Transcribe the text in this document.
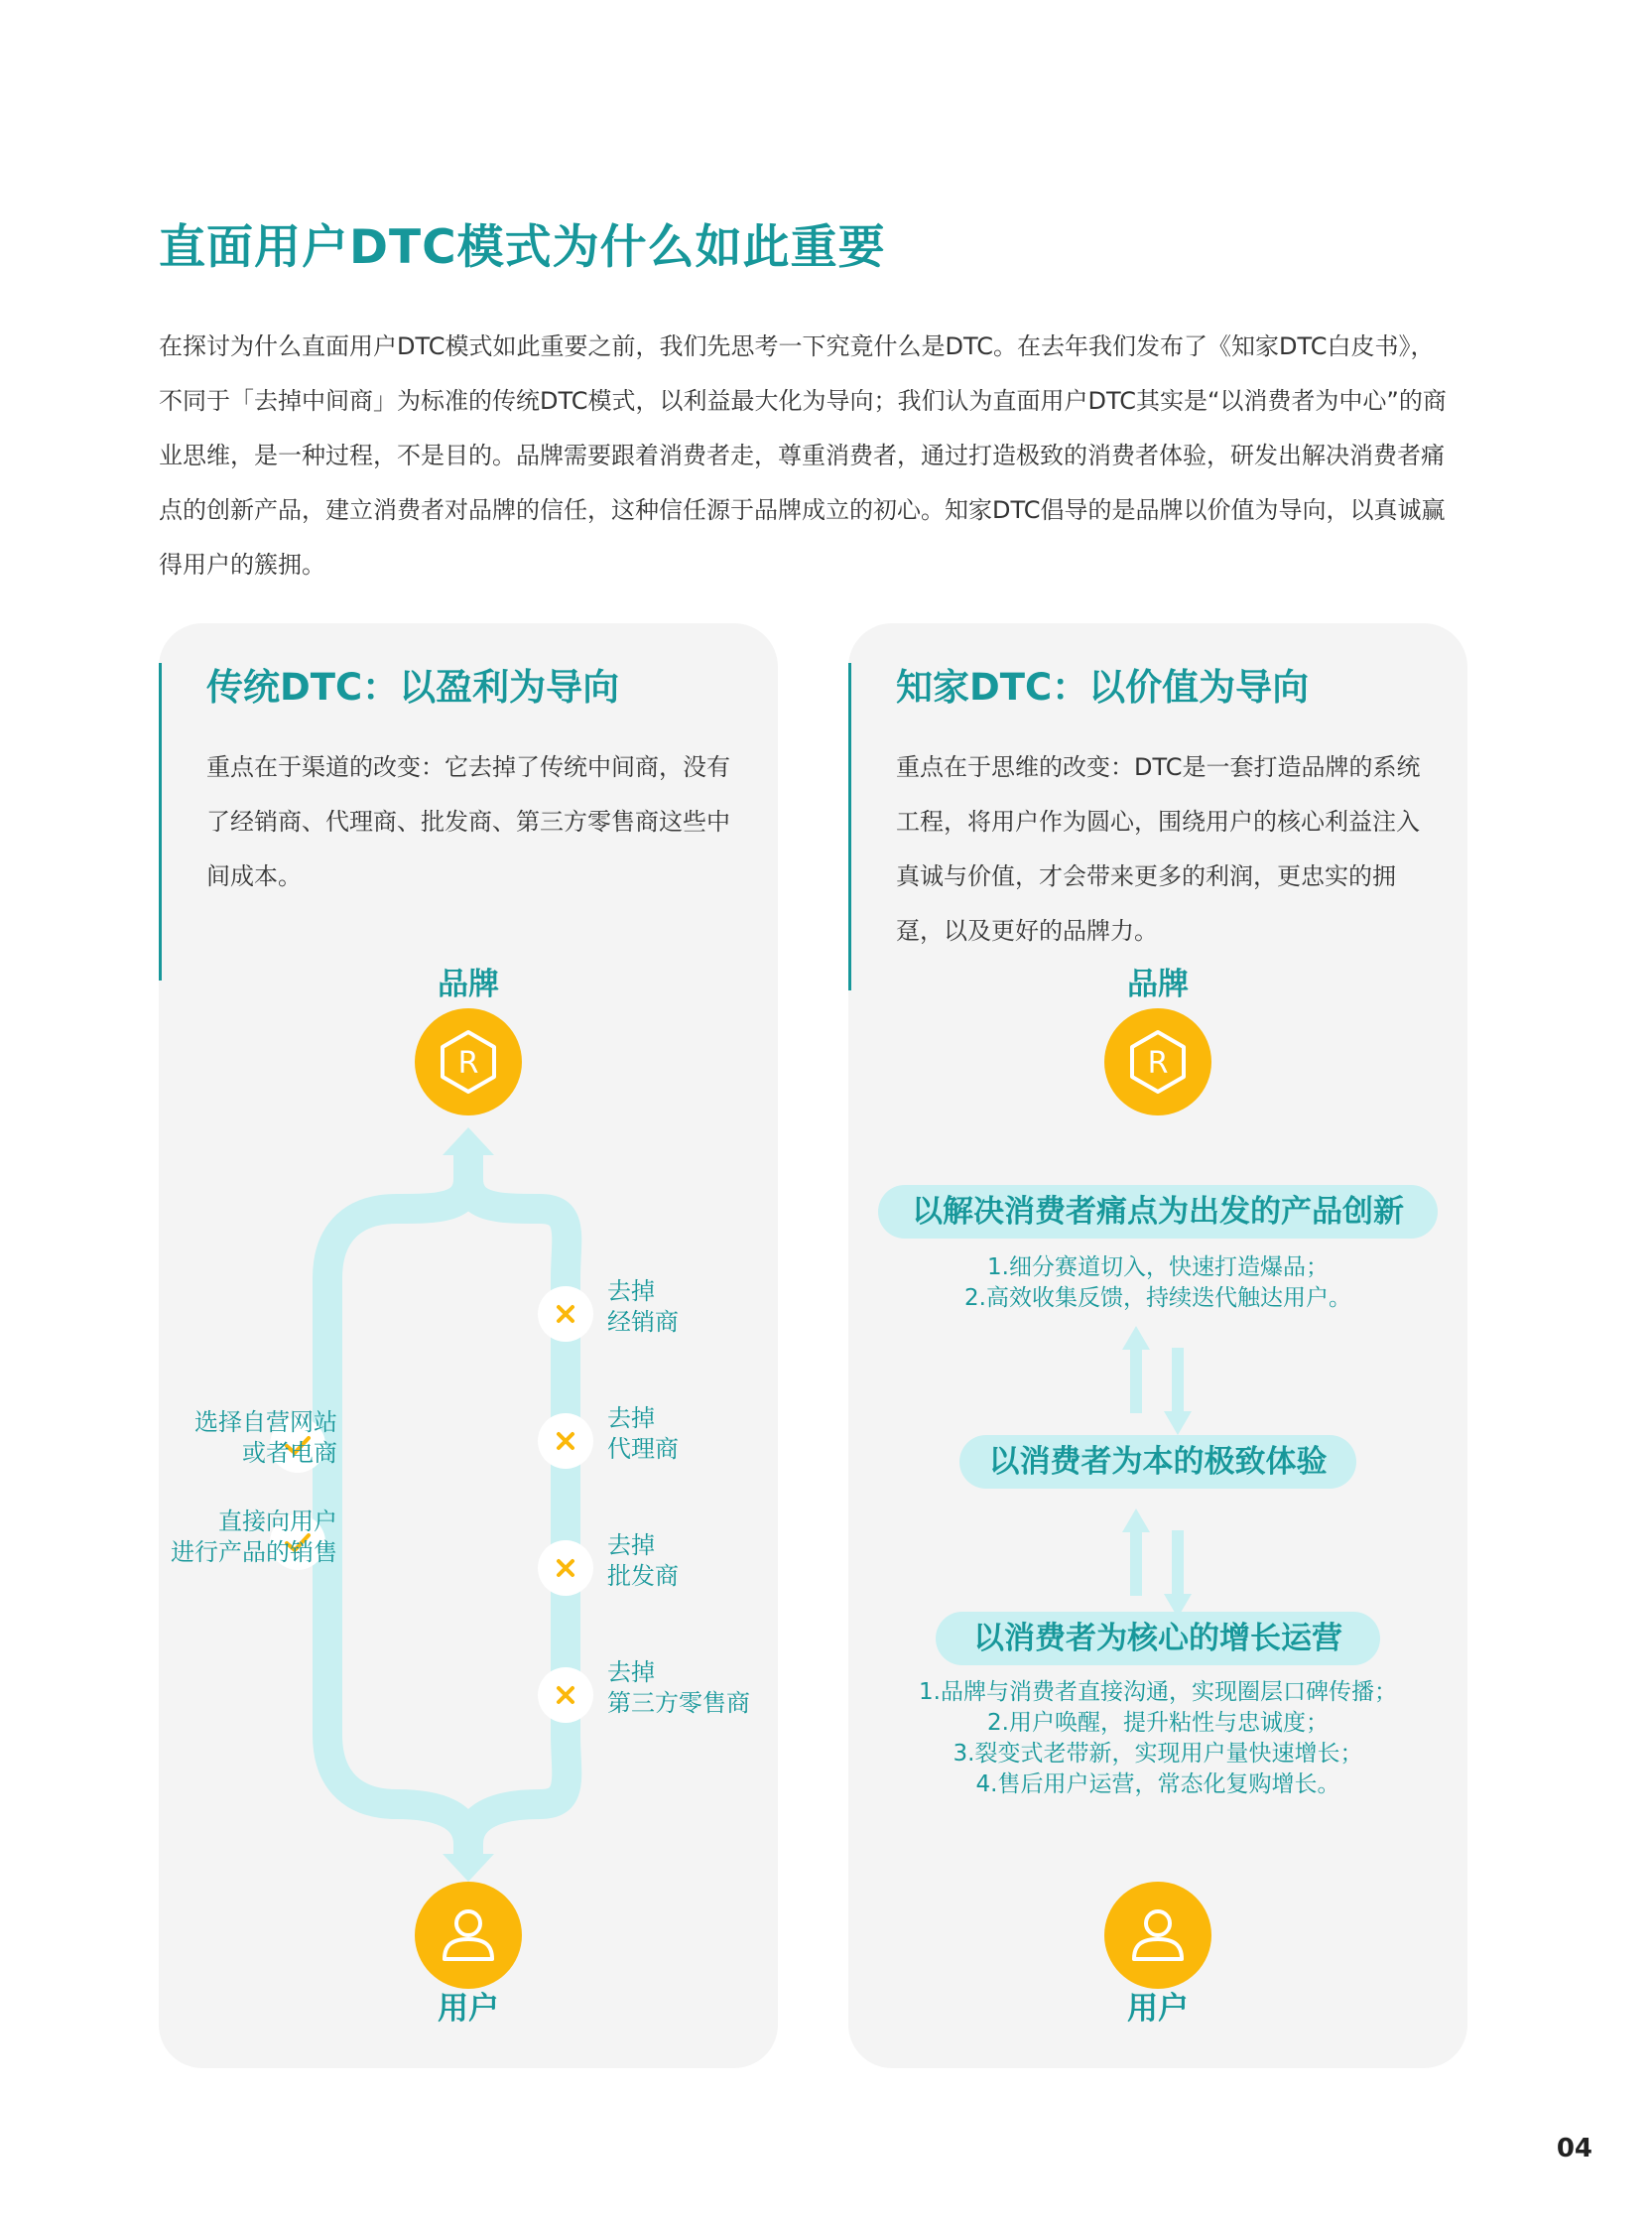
直面用户DTC模式为什么如此重要
在探讨为什么直面用户DTC模式如此重要之前，我们先思考一下究竟什么是DTC。在去年我们发布了《知家DTC白皮书》，不同于「去掉中间商」为标准的传统DTC模式，以利益最大化为导向；我们认为直面用户DTC其实是“以消费者为中心”的商业思维，是一种过程，不是目的。品牌需要跟着消费者走，尊重消费者，通过打造极致的消费者体验，研发出解决消费者痛点的创新产品，建立消费者对品牌的信任，这种信任源于品牌成立的初心。知家DTC倡导的是品牌以价值为导向，以真诚赢得用户的簇拥。
传统DTC：以盈利为导向
重点在于渠道的改变：它去掉了传统中间商，没有了经销商、代理商、批发商、第三方零售商这些中间成本。
品牌
R
选择自营网站
或者电商
直接向用户
进行产品的销售
去掉
经销商
去掉
代理商
去掉
批发商
去掉
第三方零售商
用户
知家DTC：以价值为导向
重点在于思维的改变：DTC是一套打造品牌的系统工程，将用户作为圆心，围绕用户的核心利益注入真诚与价值，才会带来更多的利润，更忠实的拥趸，以及更好的品牌力。
品牌
R
以解决消费者痛点为出发的产品创新
1.细分赛道切入，快速打造爆品；
2.高效收集反馈，持续迭代触达用户。
以消费者为本的极致体验
以消费者为核心的增长运营
1.品牌与消费者直接沟通，实现圈层口碑传播；
2.用户唤醒，提升粘性与忠诚度；
3.裂变式老带新，实现用户量快速增长；
4.售后用户运营，常态化复购增长。
用户
04
